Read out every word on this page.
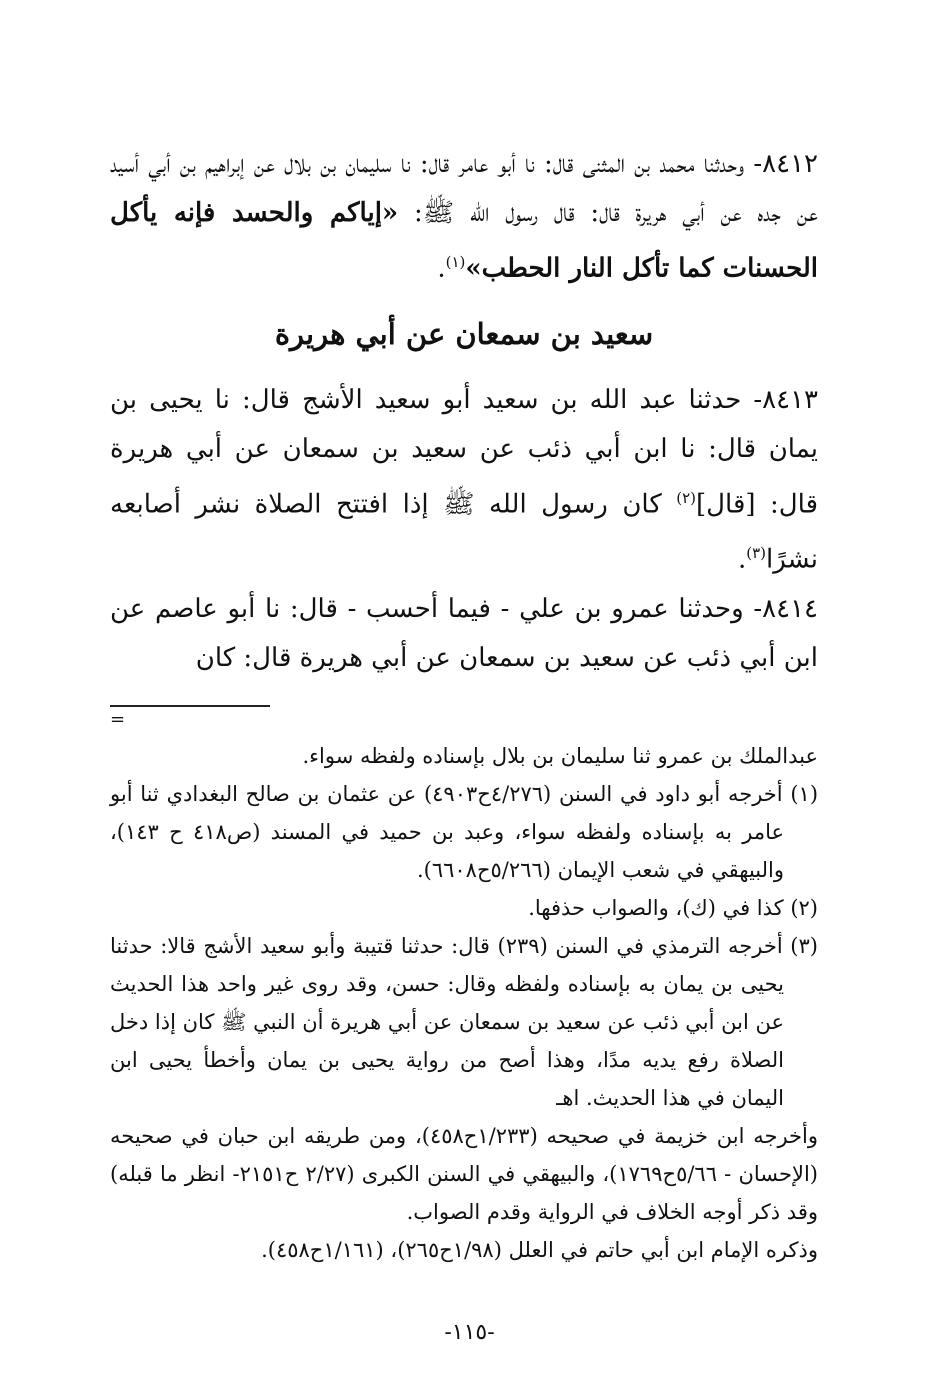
٨٤١٢- وحدثنا محمد بن المثنى قال: نا أبو عامر قال: نا سليمان بن بلال عن إبراهيم بن أبي أسيد عن جده عن أبي هريرة قال: قال رسول الله ﷺ: «إياكم والحسد فإنه يأكل الحسنات كما تأكل النار الحطب»$^{(١)}$.

سعيد بن سمعان عن أبي هريرة

٨٤١٣- حدثنا عبد الله بن سعيد أبو سعيد الأشج قال: نا يحيى بن يمان قال: نا ابن أبي ذئب عن سعيد بن سمعان عن أبي هريرة قال: [قال]$^{(٢)}$ كان رسول الله ﷺ إذا افتتح الصلاة نشر أصابعه نشرًا$^{(٣)}$.

٨٤١٤- وحدثنا عمرو بن علي - فيما أحسب - قال: نا أبو عاصم عن ابن أبي ذئب عن سعيد بن سمعان عن أبي هريرة قال: كان

=

عبدالملك بن عمرو ثنا سليمان بن بلال بإسناده ولفظه سواء.

(١) أخرجه أبو داود في السنن (٤/٢٧٦ح٤٩٠٣) عن عثمان بن صالح البغدادي ثنا أبو عامر به بإسناده ولفظه سواء، وعبد بن حميد في المسند (ص٤١٨ ح ١٤٣)، والبيهقي في شعب الإيمان (٥/٢٦٦ح٦٦٠٨).

(٢) كذا في (ك)، والصواب حذفها.

(٣) أخرجه الترمذي في السنن (٢٣٩) قال: حدثنا قتيبة وأبو سعيد الأشج قالا: حدثنا يحيى بن يمان به بإسناده ولفظه وقال: حسن، وقد روى غير واحد هذا الحديث عن ابن أبي ذئب عن سعيد بن سمعان عن أبي هريرة أن النبي ﷺ كان إذا دخل الصلاة رفع يديه مدًا، وهذا أصح من رواية يحيى بن يمان وأخطأ يحيى ابن اليمان في هذا الحديث. اهـ

وأخرجه ابن خزيمة في صحيحه (١/٢٣٣ح٤٥٨)، ومن طريقه ابن حبان في صحيحه (الإحسان - ٥/٦٦ح١٧٦٩)، والبيهقي في السنن الكبرى (٢/٢٧ ح٢١٥١- انظر ما قبله) وقد ذكر أوجه الخلاف في الرواية وقدم الصواب.

وذكره الإمام ابن أبي حاتم في العلل (١/٩٨ح٢٦٥)، (١/١٦١ح٤٥٨).

-١١٥-
